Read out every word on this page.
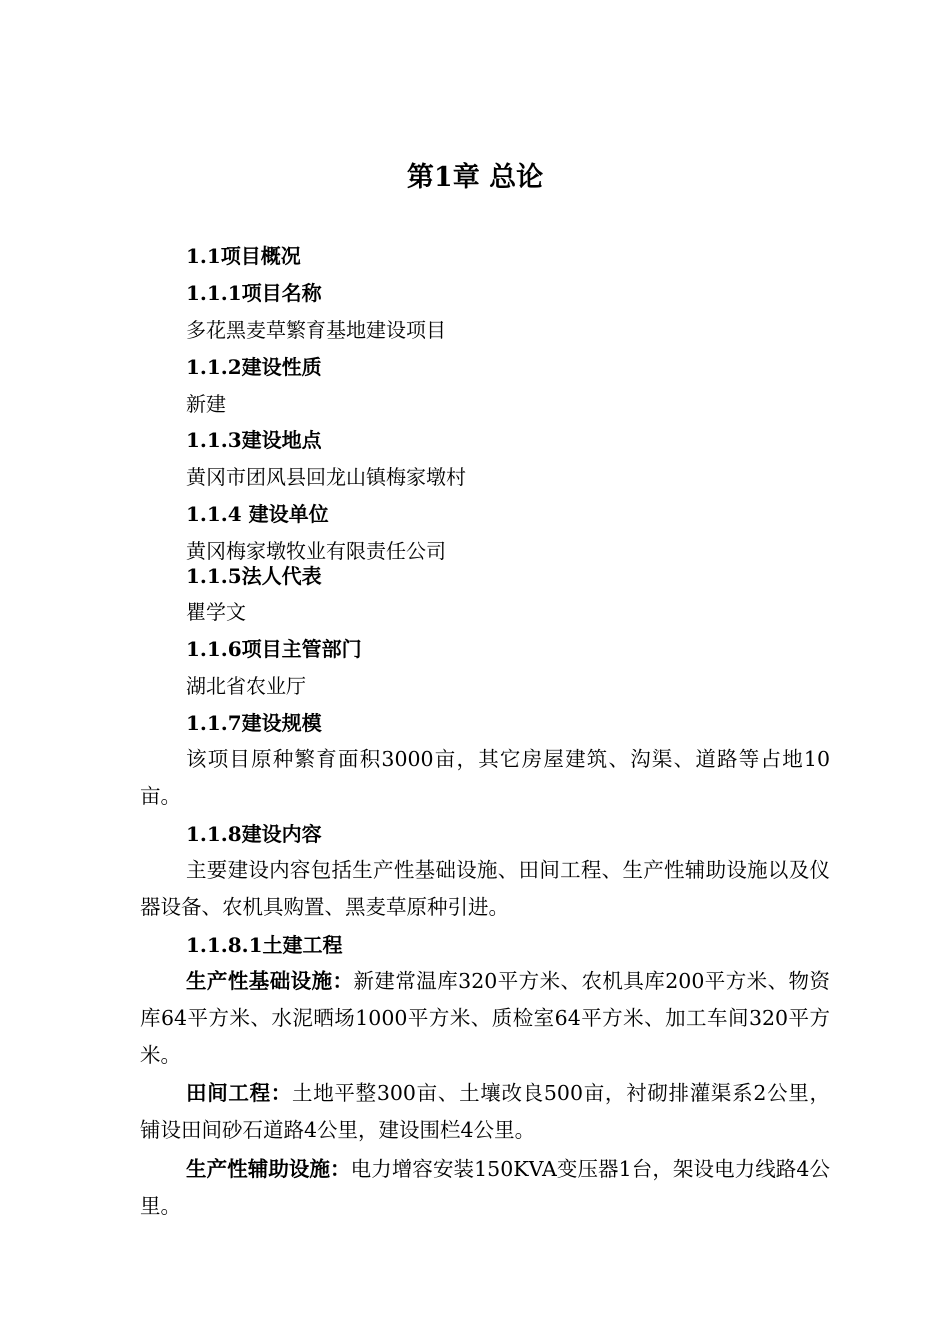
第1章 总论
1.1项目概况
1.1.1项目名称
多花黑麦草繁育基地建设项目
1.1.2建设性质
新建
1.1.3建设地点
黄冈市团风县回龙山镇梅家墩村
1.1.4 建设单位
黄冈梅家墩牧业有限责任公司
1.1.5法人代表
瞿学文
1.1.6项目主管部门
湖北省农业厅
1.1.7建设规模
该项目原种繁育面积3000亩，其它房屋建筑、沟渠、道路等占地10亩。
1.1.8建设内容
主要建设内容包括生产性基础设施、田间工程、生产性辅助设施以及仪器设备、农机具购置、黑麦草原种引进。
1.1.8.1土建工程
生产性基础设施：新建常温库320平方米、农机具库200平方米、物资库64平方米、水泥晒场1000平方米、质检室64平方米、加工车间320平方米。
田间工程：土地平整300亩、土壤改良500亩，衬砌排灌渠系2公里，铺设田间砂石道路4公里，建设围栏4公里。
生产性辅助设施：电力增容安装150KVA变压器1台，架设电力线路4公里。
